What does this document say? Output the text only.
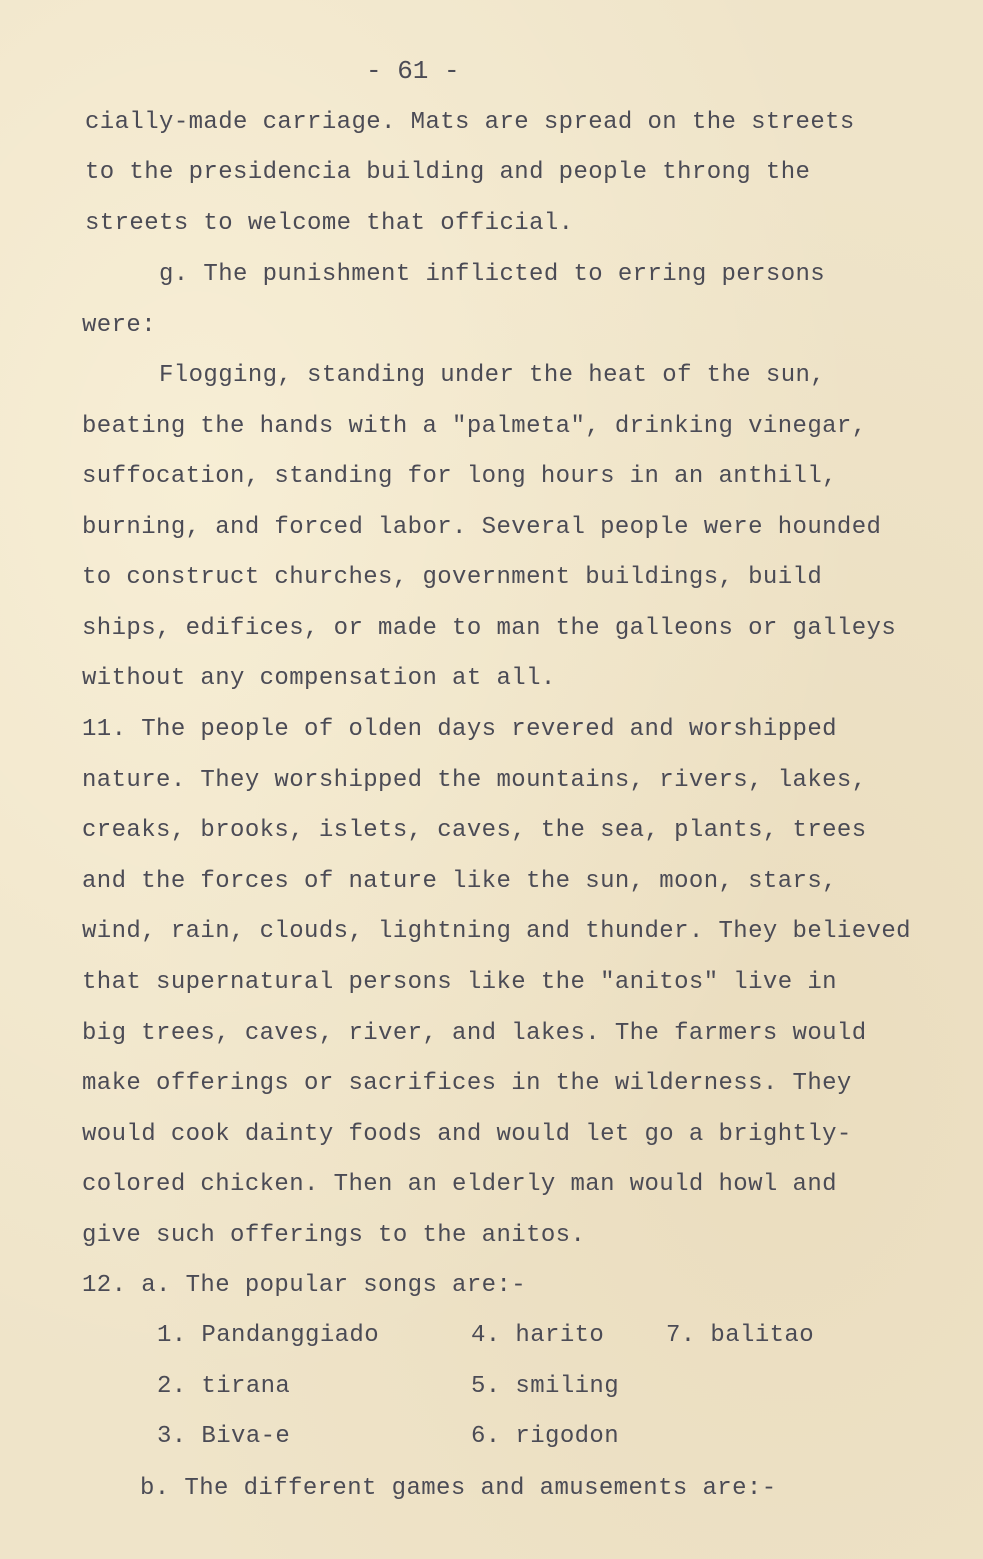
- 61 -
cially-made carriage. Mats are spread on the streets
to the presidencia building and people throng the
streets to welcome that official.
g. The punishment inflicted to erring persons
were:
Flogging, standing under the heat of the sun,
beating the hands with a "palmeta", drinking vinegar,
suffocation, standing for long hours in an anthill,
burning, and forced labor. Several people were hounded
to construct churches, government buildings, build
ships, edifices, or made to man the galleons or galleys
without any compensation at all.
11. The people of olden days revered and worshipped
nature. They worshipped the mountains, rivers, lakes,
creaks, brooks, islets, caves, the sea, plants, trees
and the forces of nature like the sun, moon, stars,
wind, rain, clouds, lightning and thunder. They believed
that supernatural persons like the "anitos" live in
big trees, caves, river, and lakes. The farmers would
make offerings or sacrifices in the wilderness. They
would cook dainty foods and would let go a brightly-
colored chicken. Then an elderly man would howl and
give such offerings to the anitos.
12. a. The popular songs are:-
1. Pandanggiado	4. harito	7. balitao
2. tirana	5. smiling
3. Biva-e	6. rigodon
b. The different games and amusements are:-
